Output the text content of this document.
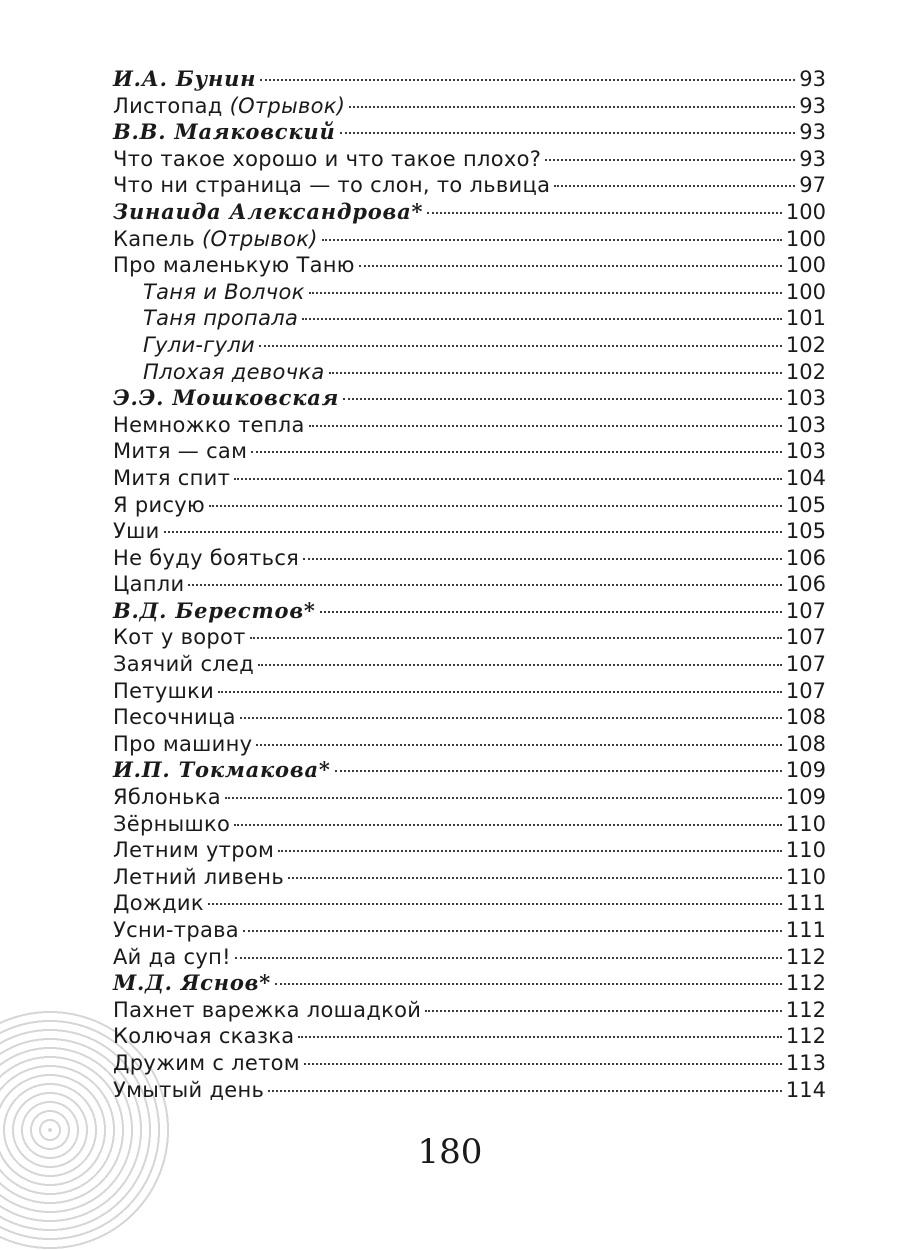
И.А. Бунин	93
Листопад (Отрывок)	93
В.В. Маяковский	93
Что такое хорошо и что такое плохо?	93
Что ни страница — то слон, то львица	97
Зинаида Александрова*	100
Капель (Отрывок)	100
Про маленькую Таню	100
Таня и Волчок	100
Таня пропала	101
Гули-гули	102
Плохая девочка	102
Э.Э. Мошковская	103
Немножко тепла	103
Митя — сам	103
Митя спит	104
Я рисую	105
Уши	105
Не буду бояться	106
Цапли	106
В.Д. Берестов*	107
Кот у ворот	107
Заячий след	107
Петушки	107
Песочница	108
Про машину	108
И.П. Токмакова*	109
Яблонька	109
Зёрнышко	110
Летним утром	110
Летний ливень	110
Дождик	111
Усни-трава	111
Ай да суп!	112
М.Д. Яснов*	112
Пахнет варежка лошадкой	112
Колючая сказка	112
Дружим с летом	113
Умытый день	114
180
